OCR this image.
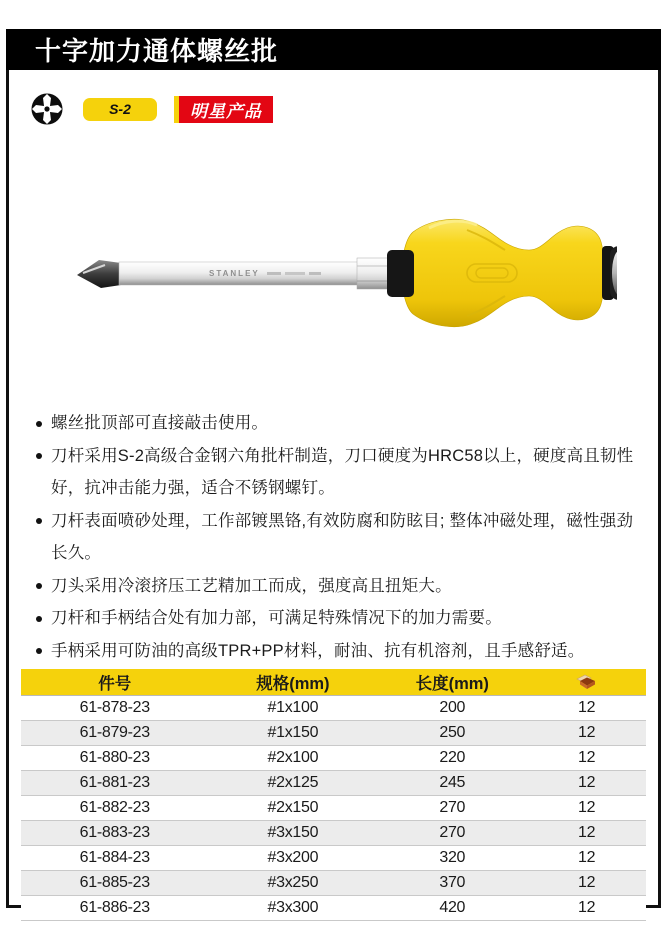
十字加力通体螺丝批
S-2	明星产品
STANLEY
螺丝批顶部可直接敲击使用。
刀杆采用S-2高级合金钢六角批杆制造，刀口硬度为HRC58以上，硬度高且韧性好，抗冲击能力强，适合不锈钢螺钉。
刀杆表面喷砂处理，工作部镀黑铬,有效防腐和防眩目; 整体冲磁处理，磁性强劲长久。
刀头采用冷滚挤压工艺精加工而成，强度高且扭矩大。
刀杆和手柄结合处有加力部，可满足特殊情况下的加力需要。
手柄采用可防油的高级TPR+PP材料，耐油、抗有机溶剂，且手感舒适。
件号	规格(mm)	长度(mm)	

61-878-23	#1x100	200	12
61-879-23	#1x150	250	12
61-880-23	#2x100	220	12
61-881-23	#2x125	245	12
61-882-23	#2x150	270	12
61-883-23	#3x150	270	12
61-884-23	#3x200	320	12
61-885-23	#3x250	370	12
61-886-23	#3x300	420	12
